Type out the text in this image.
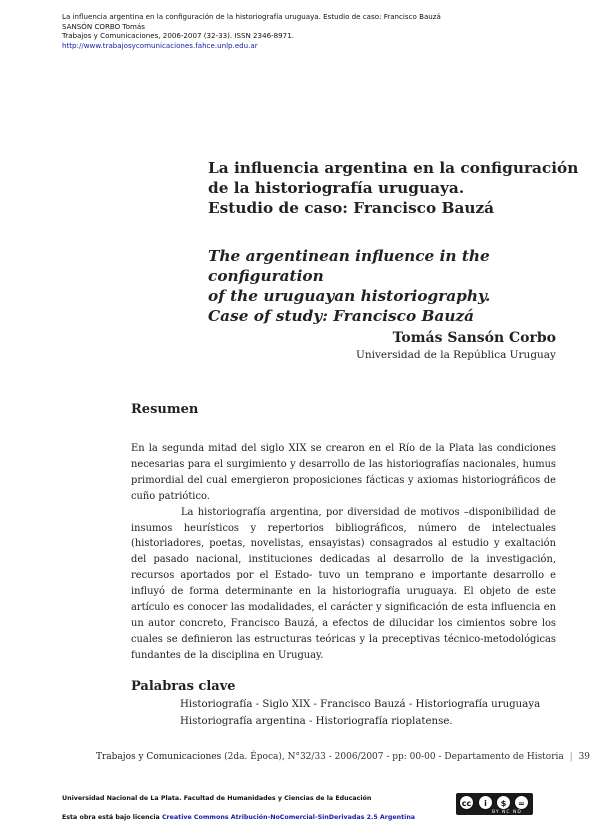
La influencia argentina en la configuración de la historiografía uruguaya. Estudio de caso: Francisco Bauzá
SANSÓN CORBO Tomás
Trabajos y Comunicaciones, 2006-2007 (32-33). ISSN 2346-8971.
http://www.trabajosycomunicaciones.fahce.unlp.edu.ar
La influencia argentina en la configuración
de la historiografía uruguaya.
Estudio de caso: Francisco Bauzá
The argentinean influence in the configuration
of the uruguayan historiography.
Case of study: Francisco Bauzá
Tomás Sansón Corbo
Universidad de la República Uruguay
Resumen

En la segunda mitad del siglo XIX se crearon en el Río de la Plata las condiciones necesarias para el surgimiento y desarrollo de las historiografías nacionales, humus primordial del cual emergieron proposiciones fácticas y axiomas historiográficos de cuño patriótico.

La historiografía argentina, por diversidad de motivos –disponibilidad de insumos heurísticos y repertorios bibliográficos, número de intelectuales (historiadores, poetas, novelistas, ensayistas) consagrados al estudio y exaltación del pasado nacional, instituciones dedicadas al desarrollo de la investigación, recursos aportados por el Estado- tuvo un temprano e importante desarrollo e influyó de forma determinante en la historiografía uruguaya. El objeto de este artículo es conocer las modalidades, el carácter y significación de esta influencia en un autor concreto, Francisco Bauzá, a efectos de dilucidar los cimientos sobre los cuales se definieron las estructuras teóricas y la preceptivas técnico-metodológicas fundantes de la disciplina en Uruguay.

Palabras clave
Historiografía - Siglo XIX - Francisco Bauzá - Historiografía uruguaya
Historiografía argentina - Historiografía rioplatense.
Trabajos y Comunicaciones (2da. Época), N°32/33 - 2006/2007 - pp: 00-00 - Departamento de Historia | 39
Universidad Nacional de La Plata. Facultad de Humanidades y Ciencias de la Educación
Esta obra está bajo licencia Creative Commons Atribución-NoComercial-SinDerivadas 2.5 Argentina
cc	i	$	=
BY NC ND
